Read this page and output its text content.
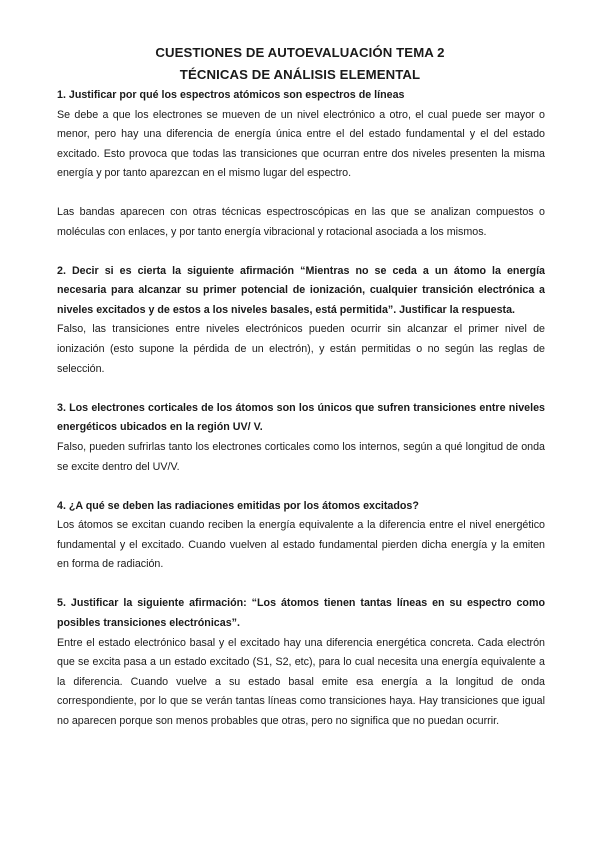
CUESTIONES DE AUTOEVALUACIÓN TEMA 2
TÉCNICAS DE ANÁLISIS ELEMENTAL

1. Justificar por qué los espectros atómicos son espectros de líneas

Se debe a que los electrones se mueven de un nivel electrónico a otro, el cual puede ser mayor o menor, pero hay una diferencia de energía única entre el del estado fundamental y el del estado excitado. Esto provoca que todas las transiciones que ocurran entre dos niveles presenten la misma energía y por tanto aparezcan en el mismo lugar del espectro.

Las bandas aparecen con otras técnicas espectroscópicas en las que se analizan compuestos o moléculas con enlaces, y por tanto energía vibracional y rotacional asociada a los mismos.

2. Decir si es cierta la siguiente afirmación “Mientras no se ceda a un átomo la energía necesaria para alcanzar su primer potencial de ionización, cualquier transición electrónica a niveles excitados y de estos a los niveles basales, está permitida”. Justificar la respuesta.

Falso, las transiciones entre niveles electrónicos pueden ocurrir sin alcanzar el primer nivel de ionización (esto supone la pérdida de un electrón), y están permitidas o no según las reglas de selección.

3. Los electrones corticales de los átomos son los únicos que sufren transiciones entre niveles energéticos ubicados en la región UV/ V.

Falso, pueden sufrirlas tanto los electrones corticales como los internos, según a qué longitud de onda se excite dentro del UV/V.

4. ¿A qué se deben las radiaciones emitidas por los átomos excitados?

Los átomos se excitan cuando reciben la energía equivalente a la diferencia entre el nivel energético fundamental y el excitado. Cuando vuelven al estado fundamental pierden dicha energía y la emiten en forma de radiación.

5. Justificar la siguiente afirmación: “Los átomos tienen tantas líneas en su espectro como posibles transiciones electrónicas”.

Entre el estado electrónico basal y el excitado hay una diferencia energética concreta. Cada electrón que se excita pasa a un estado excitado (S1, S2, etc), para lo cual necesita una energía equivalente a la diferencia. Cuando vuelve a su estado basal emite esa energía a la longitud de onda correspondiente, por lo que se verán tantas líneas como transiciones haya. Hay transiciones que igual no aparecen porque son menos probables que otras, pero no significa que no puedan ocurrir.
